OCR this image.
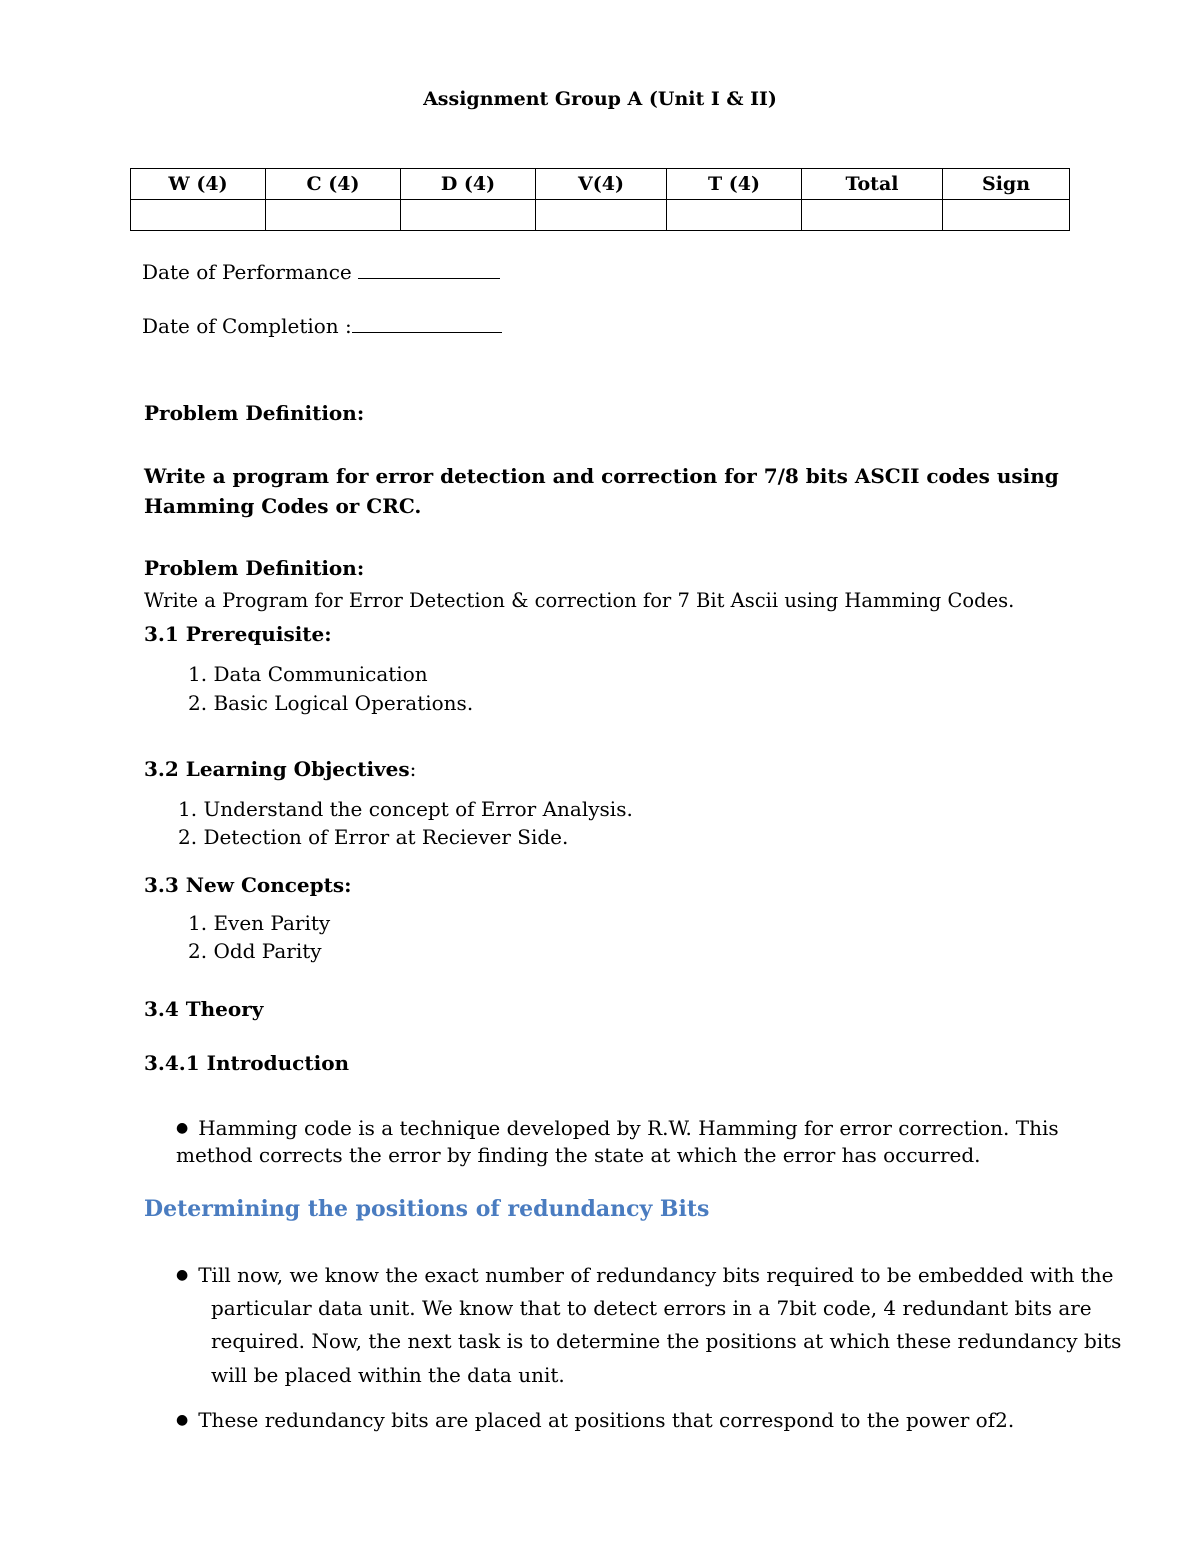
Assignment Group A (Unit I & II)
W (4)	C (4)	D (4)	V(4)	T (4)	Total	Sign

Date of Performance
Date of Completion :
Problem Definition:
Write a program for error detection and correction for 7/8 bits ASCII codes using
Hamming Codes or CRC.
Problem Definition:
Write a Program for Error Detection & correction for 7 Bit Ascii using Hamming Codes.
3.1 Prerequisite:
1. Data Communication
2. Basic Logical Operations.
3.2 Learning Objectives:
1. Understand the concept of Error Analysis.
2. Detection of Error at Reciever Side.
3.3 New Concepts:
1. Even Parity
2. Odd Parity
3.4 Theory
3.4.1 Introduction
● Hamming code is a technique developed by R.W. Hamming for error correction. This
method corrects the error by finding the state at which the error has occurred.
Determining the positions of redundancy Bits
● Till now, we know the exact number of redundancy bits required to be embedded with the
particular data unit. We know that to detect errors in a 7bit code, 4 redundant bits are
required. Now, the next task is to determine the positions at which these redundancy bits
will be placed within the data unit.
● These redundancy bits are placed at positions that correspond to the power of2.
